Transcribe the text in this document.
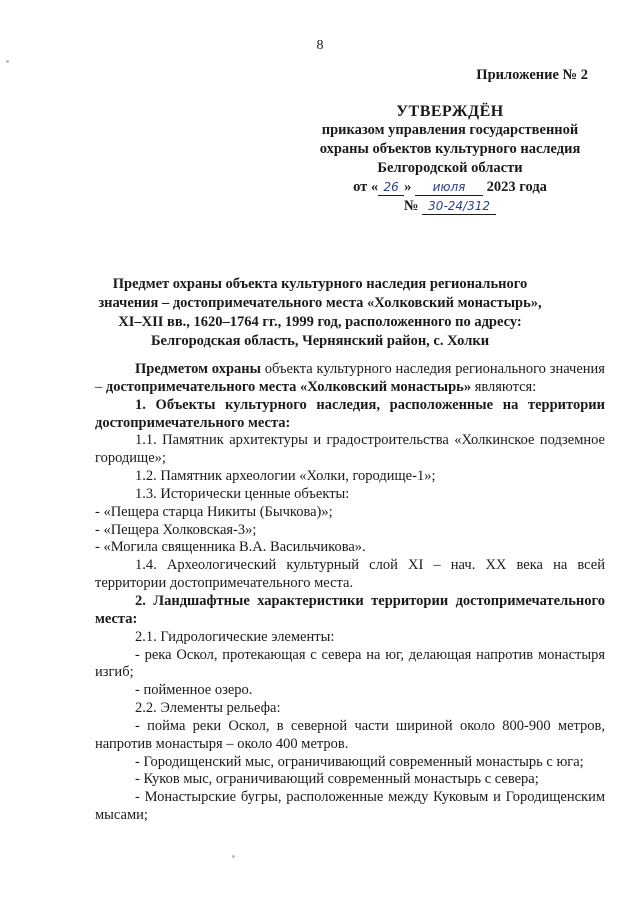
8
Приложение № 2
УТВЕРЖДЁН
приказом управления государственной
охраны объектов культурного наследия
Белгородской области
от « 26 » июля 2023 года
№ 30-24/312
Предмет охраны объекта культурного наследия регионального значения – достопримечательного места «Холковский монастырь», XI–XII вв., 1620–1764 гг., 1999 год, расположенного по адресу: Белгородская область, Чернянский район, с. Холки

Предметом охраны объекта культурного наследия регионального значения – достопримечательного места «Холковский монастырь» являются:

1. Объекты культурного наследия, расположенные на территории достопримечательного места:

1.1. Памятник архитектуры и градостроительства «Холкинское подземное городище»;

1.2. Памятник археологии «Холки, городище-1»;

1.3. Исторически ценные объекты:

- «Пещера старца Никиты (Бычкова)»;

- «Пещера Холковская-3»;

- «Могила священника В.А. Васильчикова».

1.4. Археологический культурный слой XI – нач. XX века на всей территории достопримечательного места.

2. Ландшафтные характеристики территории достопримечательного места:

2.1. Гидрологические элементы:

- река Оскол, протекающая с севера на юг, делающая напротив монастыря изгиб;

- пойменное озеро.

2.2. Элементы рельефа:

- пойма реки Оскол, в северной части шириной около 800-900 метров, напротив монастыря – около 400 метров.

- Городищенский мыс, ограничивающий современный монастырь с юга;

- Куков мыс, ограничивающий современный монастырь с севера;

- Монастырские бугры, расположенные между Куковым и Городищенским мысами;
